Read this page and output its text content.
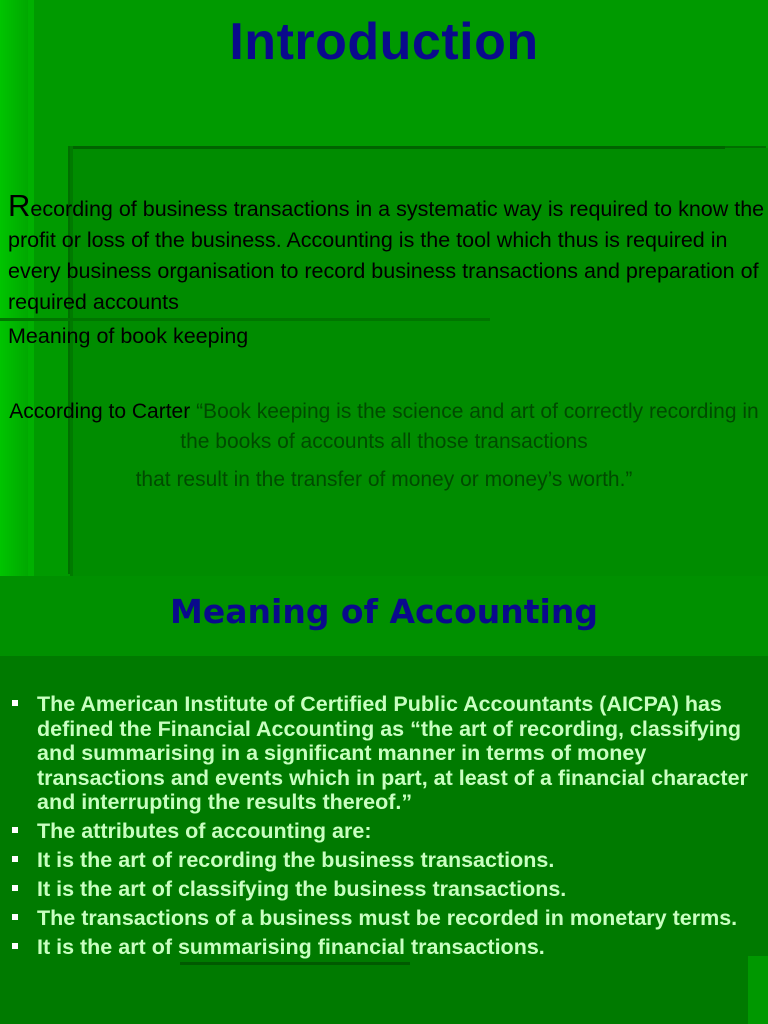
Introduction
Recording of business transactions in a systematic way is required to know the profit or loss of the business. Accounting is the tool which thus is required in every business organisation to record business transactions and preparation of required accounts
Meaning of book keeping
According to Carter “Book keeping is the science and art of correctly recording in the books of accounts all those transactions
that result in the transfer of money or money’s worth.”
Meaning of Accounting
The American Institute of Certified Public Accountants (AICPA) has defined the Financial Accounting as “the art of recording, classifying and summarising in a significant manner in terms of money transactions and events which in part, at least of a financial character and interrupting the results thereof.”
The attributes of accounting are:
It is the art of recording the business transactions.
It is the art of classifying the business transactions.
The transactions of a business must be recorded in monetary terms.
It is the art of summarising financial transactions.
